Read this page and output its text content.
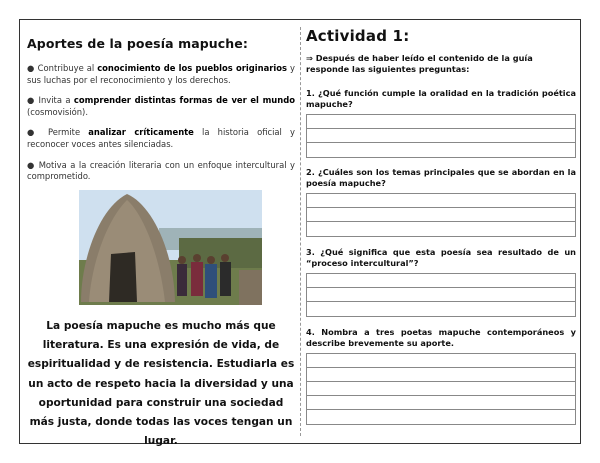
Aportes de la poesía mapuche:
● Contribuye al conocimiento de los pueblos originarios y sus luchas por el reconocimiento y los derechos.
● Invita a comprender distintas formas de ver el mundo (cosmovisión).
● Permite analizar críticamente la historia oficial y reconocer voces antes silenciadas.
● Motiva a la creación literaria con un enfoque intercultural y comprometido.
La poesía mapuche es mucho más que literatura. Es una expresión de vida, de espiritualidad y de resistencia. Estudiarla es un acto de respeto hacia la diversidad y una oportunidad para construir una sociedad más justa, donde todas las voces tengan un lugar.
Actividad 1:
⇒ Después de haber leído el contenido de la guía responde las siguientes preguntas:
1. ¿Qué función cumple la oralidad en la tradición poética mapuche?
2. ¿Cuáles son los temas principales que se abordan en la poesía mapuche?
3. ¿Qué significa que esta poesía sea resultado de un “proceso intercultural”?
4. Nombra a tres poetas mapuche contemporáneos y describe brevemente su aporte.
